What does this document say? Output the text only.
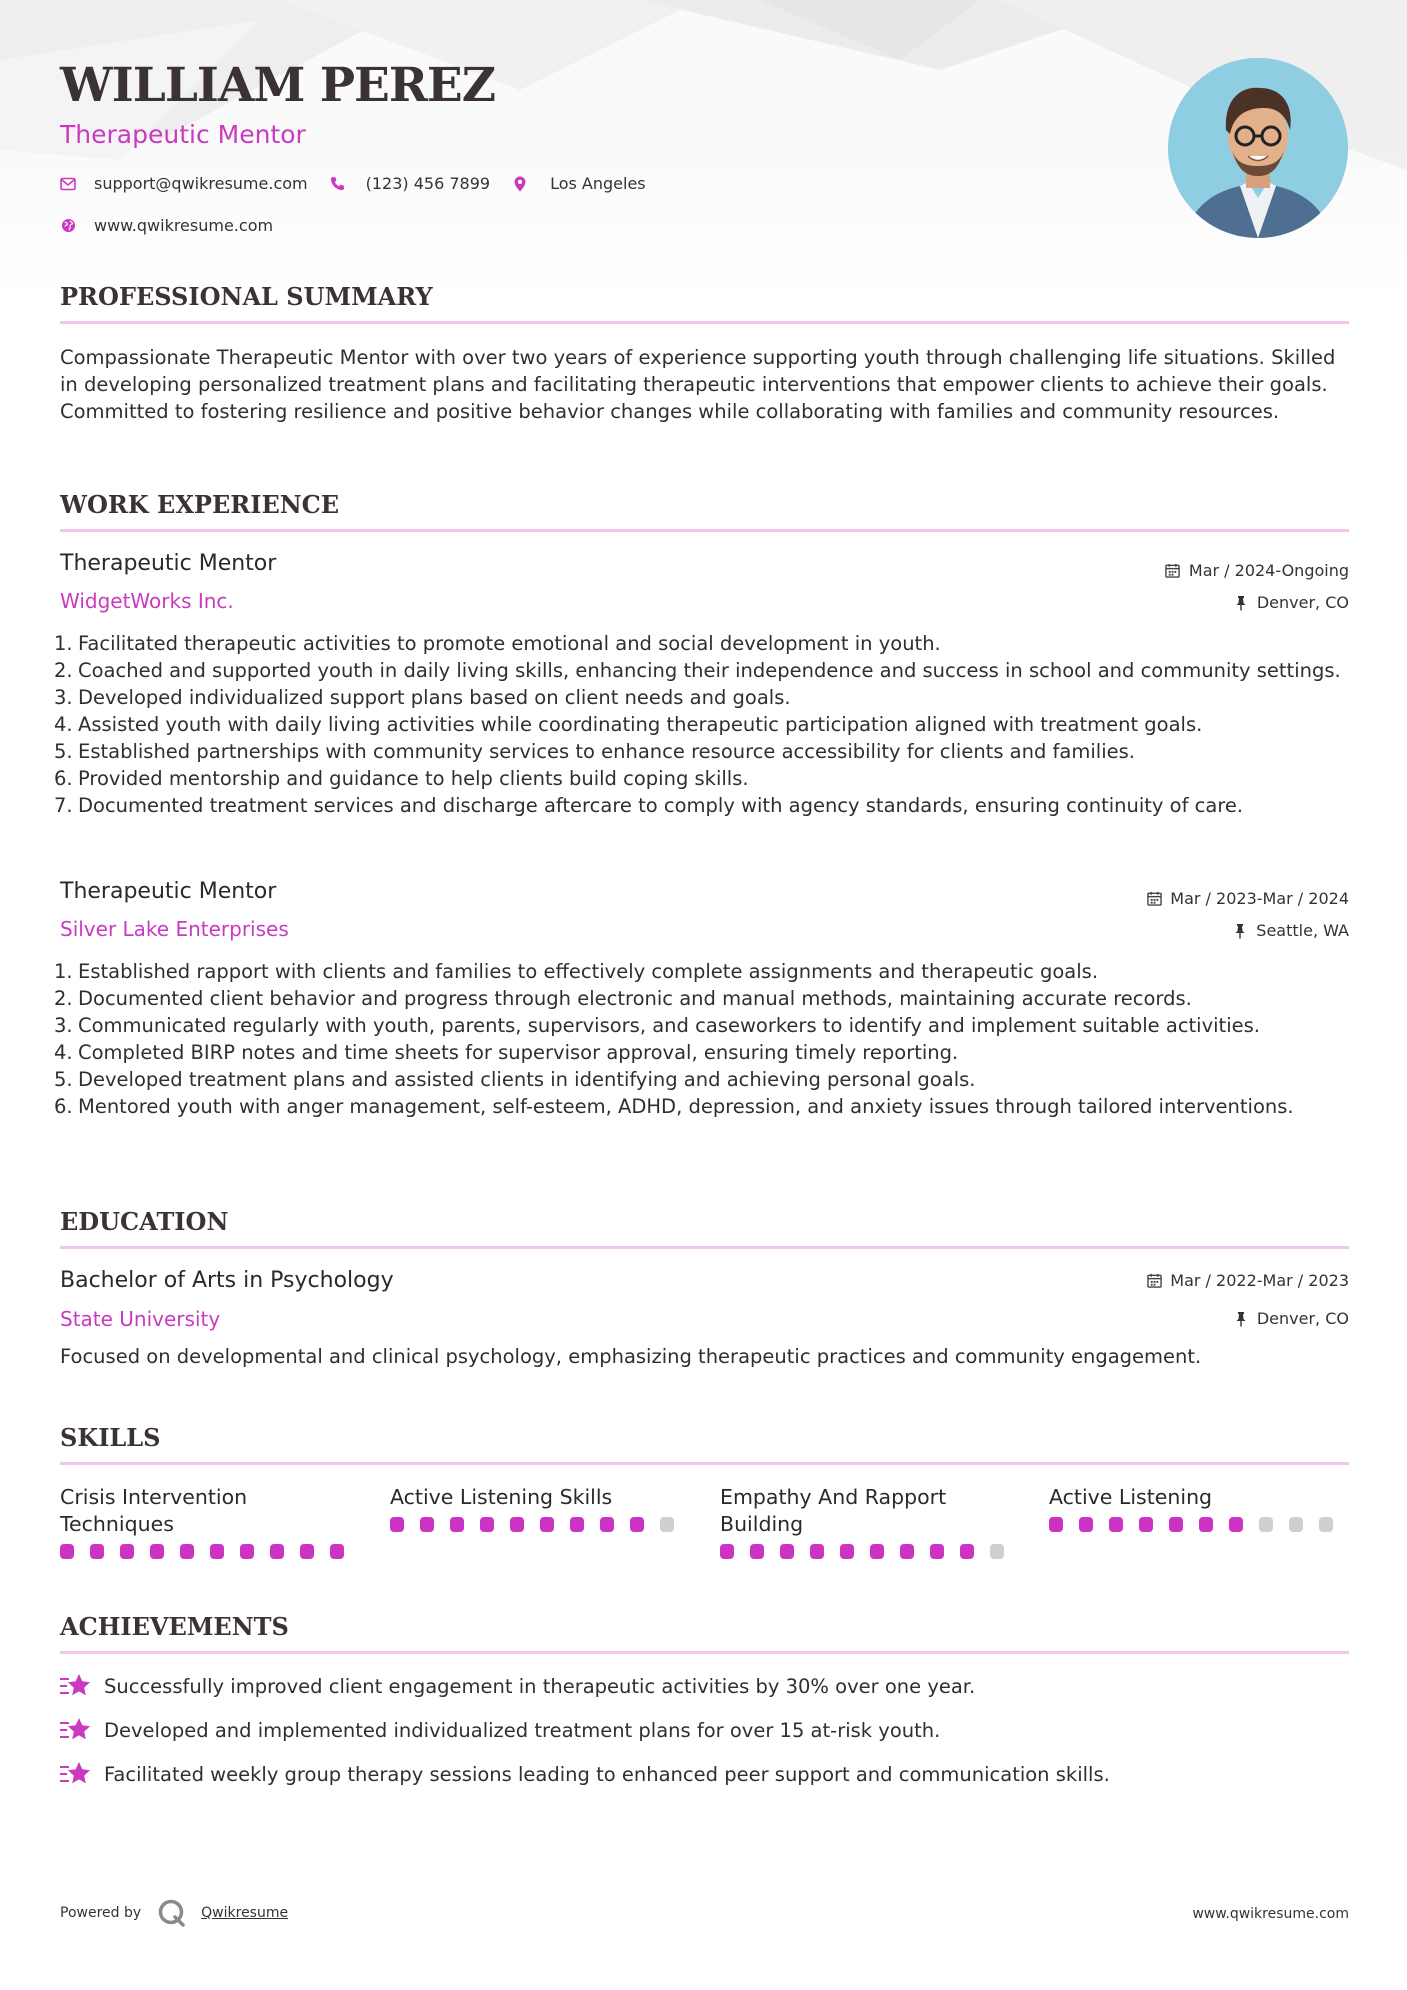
WILLIAM PEREZ
Therapeutic Mentor
support@qwikresume.com	(123) 456 7899	Los Angeles
www.qwikresume.com
PROFESSIONAL SUMMARY
Compassionate Therapeutic Mentor with over two years of experience supporting youth through challenging life situations. Skilled in developing personalized treatment plans and facilitating therapeutic interventions that empower clients to achieve their goals. Committed to fostering resilience and positive behavior changes while collaborating with families and community resources.
WORK EXPERIENCE
Therapeutic Mentor
WidgetWorks Inc.
Mar / 2024-Ongoing
Denver, CO
Facilitated therapeutic activities to promote emotional and social development in youth.
Coached and supported youth in daily living skills, enhancing their independence and success in school and community settings.
Developed individualized support plans based on client needs and goals.
Assisted youth with daily living activities while coordinating therapeutic participation aligned with treatment goals.
Established partnerships with community services to enhance resource accessibility for clients and families.
Provided mentorship and guidance to help clients build coping skills.
Documented treatment services and discharge aftercare to comply with agency standards, ensuring continuity of care.
Therapeutic Mentor
Silver Lake Enterprises
Mar / 2023-Mar / 2024
Seattle, WA
Established rapport with clients and families to effectively complete assignments and therapeutic goals.
Documented client behavior and progress through electronic and manual methods, maintaining accurate records.
Communicated regularly with youth, parents, supervisors, and caseworkers to identify and implement suitable activities.
Completed BIRP notes and time sheets for supervisor approval, ensuring timely reporting.
Developed treatment plans and assisted clients in identifying and achieving personal goals.
Mentored youth with anger management, self-esteem, ADHD, depression, and anxiety issues through tailored interventions.
EDUCATION
Bachelor of Arts in Psychology
State University
Mar / 2022-Mar / 2023
Denver, CO
Focused on developmental and clinical psychology, emphasizing therapeutic practices and community engagement.
SKILLS
Crisis Intervention Techniques
Active Listening Skills	Empathy And Rapport Building
Active Listening
ACHIEVEMENTS
Successfully improved client engagement in therapeutic activities by 30% over one year.
Developed and implemented individualized treatment plans for over 15 at-risk youth.
Facilitated weekly group therapy sessions leading to enhanced peer support and communication skills.
Powered by	Qwikresume	www.qwikresume.com
